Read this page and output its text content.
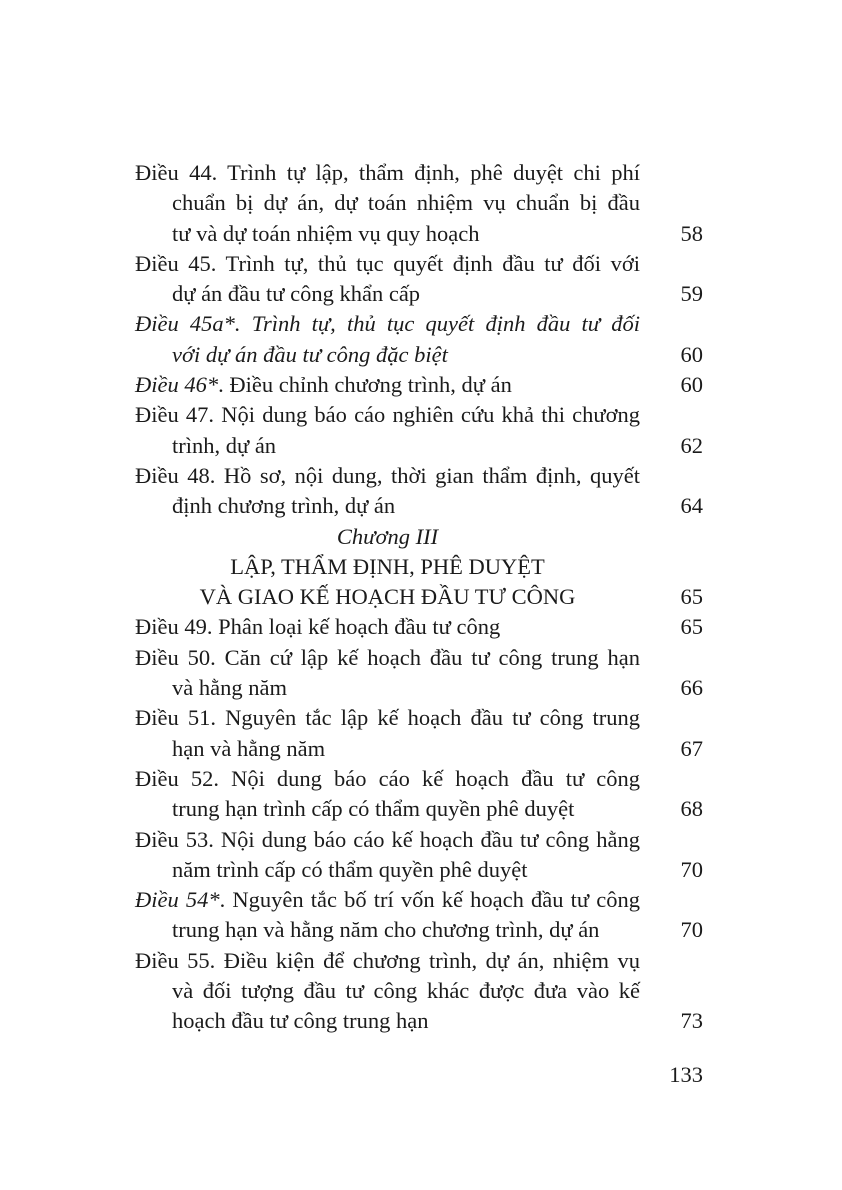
Điều 44. Trình tự lập, thẩm định, phê duyệt chi phí
chuẩn bị dự án, dự toán nhiệm vụ chuẩn bị đầu
tư và dự toán nhiệm vụ quy hoạch	58
Điều 45. Trình tự, thủ tục quyết định đầu tư đối với
dự án đầu tư công khẩn cấp	59
Điều 45a*. Trình tự, thủ tục quyết định đầu tư đối
với dự án đầu tư công đặc biệt	60
Điều 46*. Điều chỉnh chương trình, dự án	60
Điều 47. Nội dung báo cáo nghiên cứu khả thi chương
trình, dự án	62
Điều 48. Hồ sơ, nội dung, thời gian thẩm định, quyết
định chương trình, dự án	64
Chương III
LẬP, THẨM ĐỊNH, PHÊ DUYỆT
VÀ GIAO KẾ HOẠCH ĐẦU TƯ CÔNG	65
Điều 49. Phân loại kế hoạch đầu tư công	65
Điều 50. Căn cứ lập kế hoạch đầu tư công trung hạn
và hằng năm	66
Điều 51. Nguyên tắc lập kế hoạch đầu tư công trung
hạn và hằng năm	67
Điều 52. Nội dung báo cáo kế hoạch đầu tư công
trung hạn trình cấp có thẩm quyền phê duyệt	68
Điều 53. Nội dung báo cáo kế hoạch đầu tư công hằng
năm trình cấp có thẩm quyền phê duyệt	70
Điều 54*. Nguyên tắc bố trí vốn kế hoạch đầu tư công
trung hạn và hằng năm cho chương trình, dự án	70
Điều 55. Điều kiện để chương trình, dự án, nhiệm vụ
và đối tượng đầu tư công khác được đưa vào kế
hoạch đầu tư công trung hạn	73
133
